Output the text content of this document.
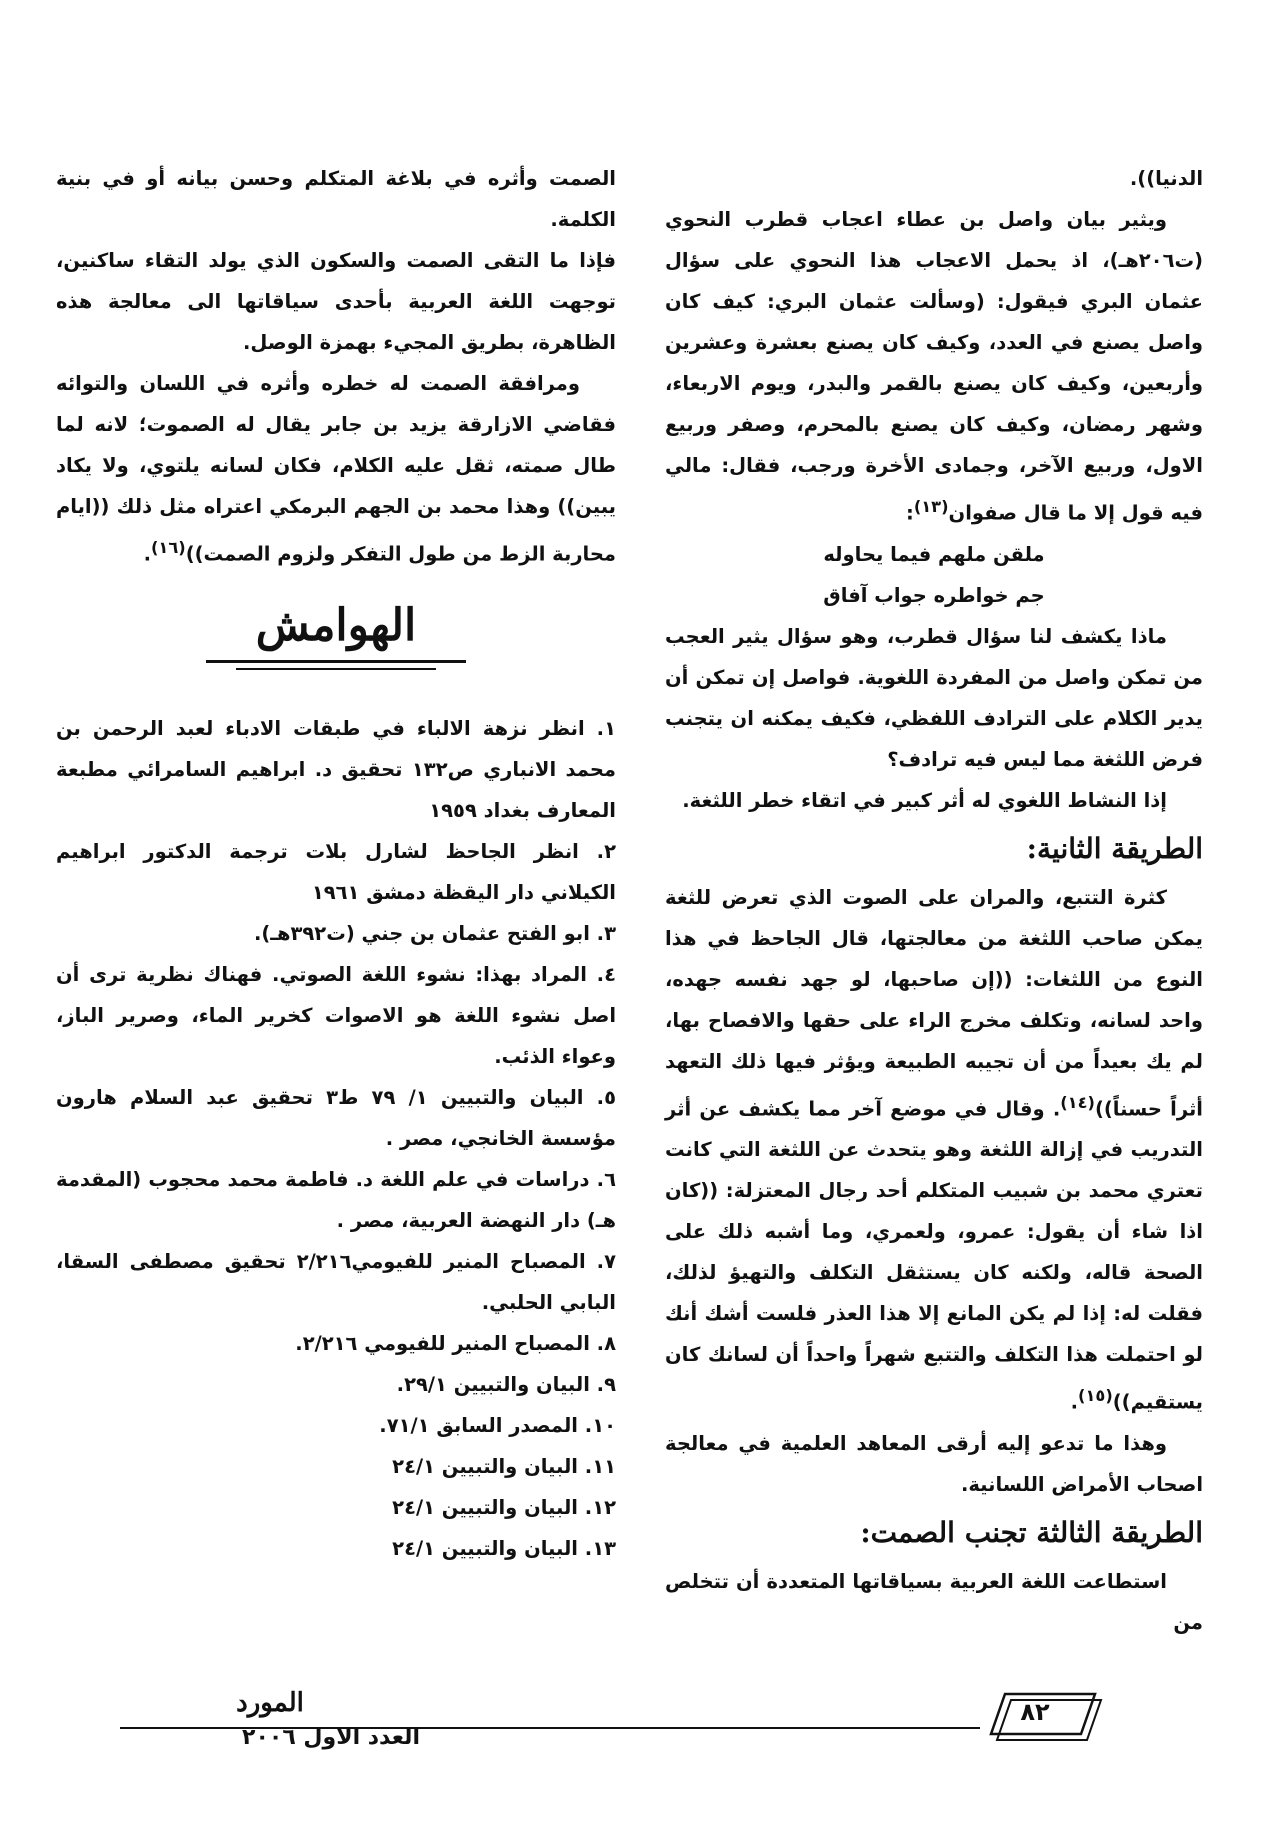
الدنيا)).

ويثير بيان واصل بن عطاء اعجاب قطرب النحوي (ت٢٠٦هـ)، اذ يحمل الاعجاب هذا النحوي على سؤال عثمان البري فيقول: (وسألت عثمان البري: كيف كان واصل يصنع في العدد، وكيف كان يصنع بعشرة وعشرين وأربعين، وكيف كان يصنع بالقمر والبدر، ويوم الاربعاء، وشهر رمضان، وكيف كان يصنع بالمحرم، وصفر وربيع الاول، وربيع الآخر، وجمادى الأخرة ورجب، فقال: مالي فيه قول إلا ما قال صفوان$^{(١٣)}$:

ملقن ملهم فيما يحاوله

جم خواطره جواب آفاق

ماذا يكشف لنا سؤال قطرب، وهو سؤال يثير العجب من تمكن واصل من المفردة اللغوية. فواصل إن تمكن أن يدير الكلام على الترادف اللفظي، فكيف يمكنه ان يتجنب فرض اللثغة مما ليس فيه ترادف؟

إذا النشاط اللغوي له أثر كبير في اتقاء خطر اللثغة.

الطريقة الثانية:

كثرة التتبع، والمران على الصوت الذي تعرض للثغة يمكن صاحب اللثغة من معالجتها، قال الجاحظ في هذا النوع من اللثغات: ((إن صاحبها، لو جهد نفسه جهده، واحد لسانه، وتكلف مخرج الراء على حقها والافصاح بها، لم يك بعيداً من أن تجيبه الطبيعة ويؤثر فيها ذلك التعهد أثراً حسناً))$^{(١٤)}$. وقال في موضع آخر مما يكشف عن أثر التدريب في إزالة اللثغة وهو يتحدث عن اللثغة التي كانت تعتري محمد بن شبيب المتكلم أحد رجال المعتزلة: ((كان اذا شاء أن يقول: عمرو، ولعمري، وما أشبه ذلك على الصحة قاله، ولكنه كان يستثقل التكلف والتهيؤ لذلك، فقلت له: إذا لم يكن المانع إلا هذا العذر فلست أشك أنك لو احتملت هذا التكلف والتتبع شهراً واحداً أن لسانك كان يستقيم))$^{(١٥)}$.

وهذا ما تدعو إليه أرقى المعاهد العلمية في معالجة اصحاب الأمراض اللسانية.

الطريقة الثالثة تجنب الصمت:

استطاعت اللغة العربية بسياقاتها المتعددة أن تتخلص من

الصمت وأثره في بلاغة المتكلم وحسن بيانه أو في بنية الكلمة.

فإذا ما التقى الصمت والسكون الذي يولد التقاء ساكنين، توجهت اللغة العربية بأحدى سياقاتها الى معالجة هذه الظاهرة، بطريق المجيء بهمزة الوصل.

ومرافقة الصمت له خطره وأثره في اللسان والتوائه فقاضي الازارقة يزيد بن جابر يقال له الصموت؛ لانه لما طال صمته، ثقل عليه الكلام، فكان لسانه يلتوي، ولا يكاد يبين)) وهذا محمد بن الجهم البرمكي اعتراه مثل ذلك ((ايام محاربة الزط من طول التفكر ولزوم الصمت))$^{(١٦)}$.

الهوامش

١. انظر نزهة الالباء في طبقات الادباء لعبد الرحمن بن محمد الانباري ص١٣٢ تحقيق د. ابراهيم السامرائي مطبعة المعارف بغداد ١٩٥٩

٢. انظر الجاحظ لشارل بلات ترجمة الدكتور ابراهيم الكيلاني دار اليقظة دمشق ١٩٦١

٣. ابو الفتح عثمان بن جني (ت٣٩٢هـ).

٤. المراد بهذا: نشوء اللغة الصوتي. فهناك نظرية ترى أن اصل نشوء اللغة هو الاصوات كخرير الماء، وصرير الباز، وعواء الذئب.

٥. البيان والتبيين ١/ ٧٩ ط٣ تحقيق عبد السلام هارون مؤسسة الخانجي، مصر .

٦. دراسات في علم اللغة د. فاطمة محمد محجوب (المقدمة هـ) دار النهضة العربية، مصر .

٧. المصباح المنير للفيومي٢/٢١٦ تحقيق مصطفى السقا، البابي الحلبي.

٨. المصباح المنير للفيومي ٢/٢١٦.

٩. البيان والتبيين ٢٩/١.

١٠. المصدر السابق ٧١/١.

١١. البيان والتبيين ٢٤/١

١٢. البيان والتبيين ٢٤/١

١٣. البيان والتبيين ٢٤/١

٨٢
المورد
العدد الاول ٢٠٠٦
